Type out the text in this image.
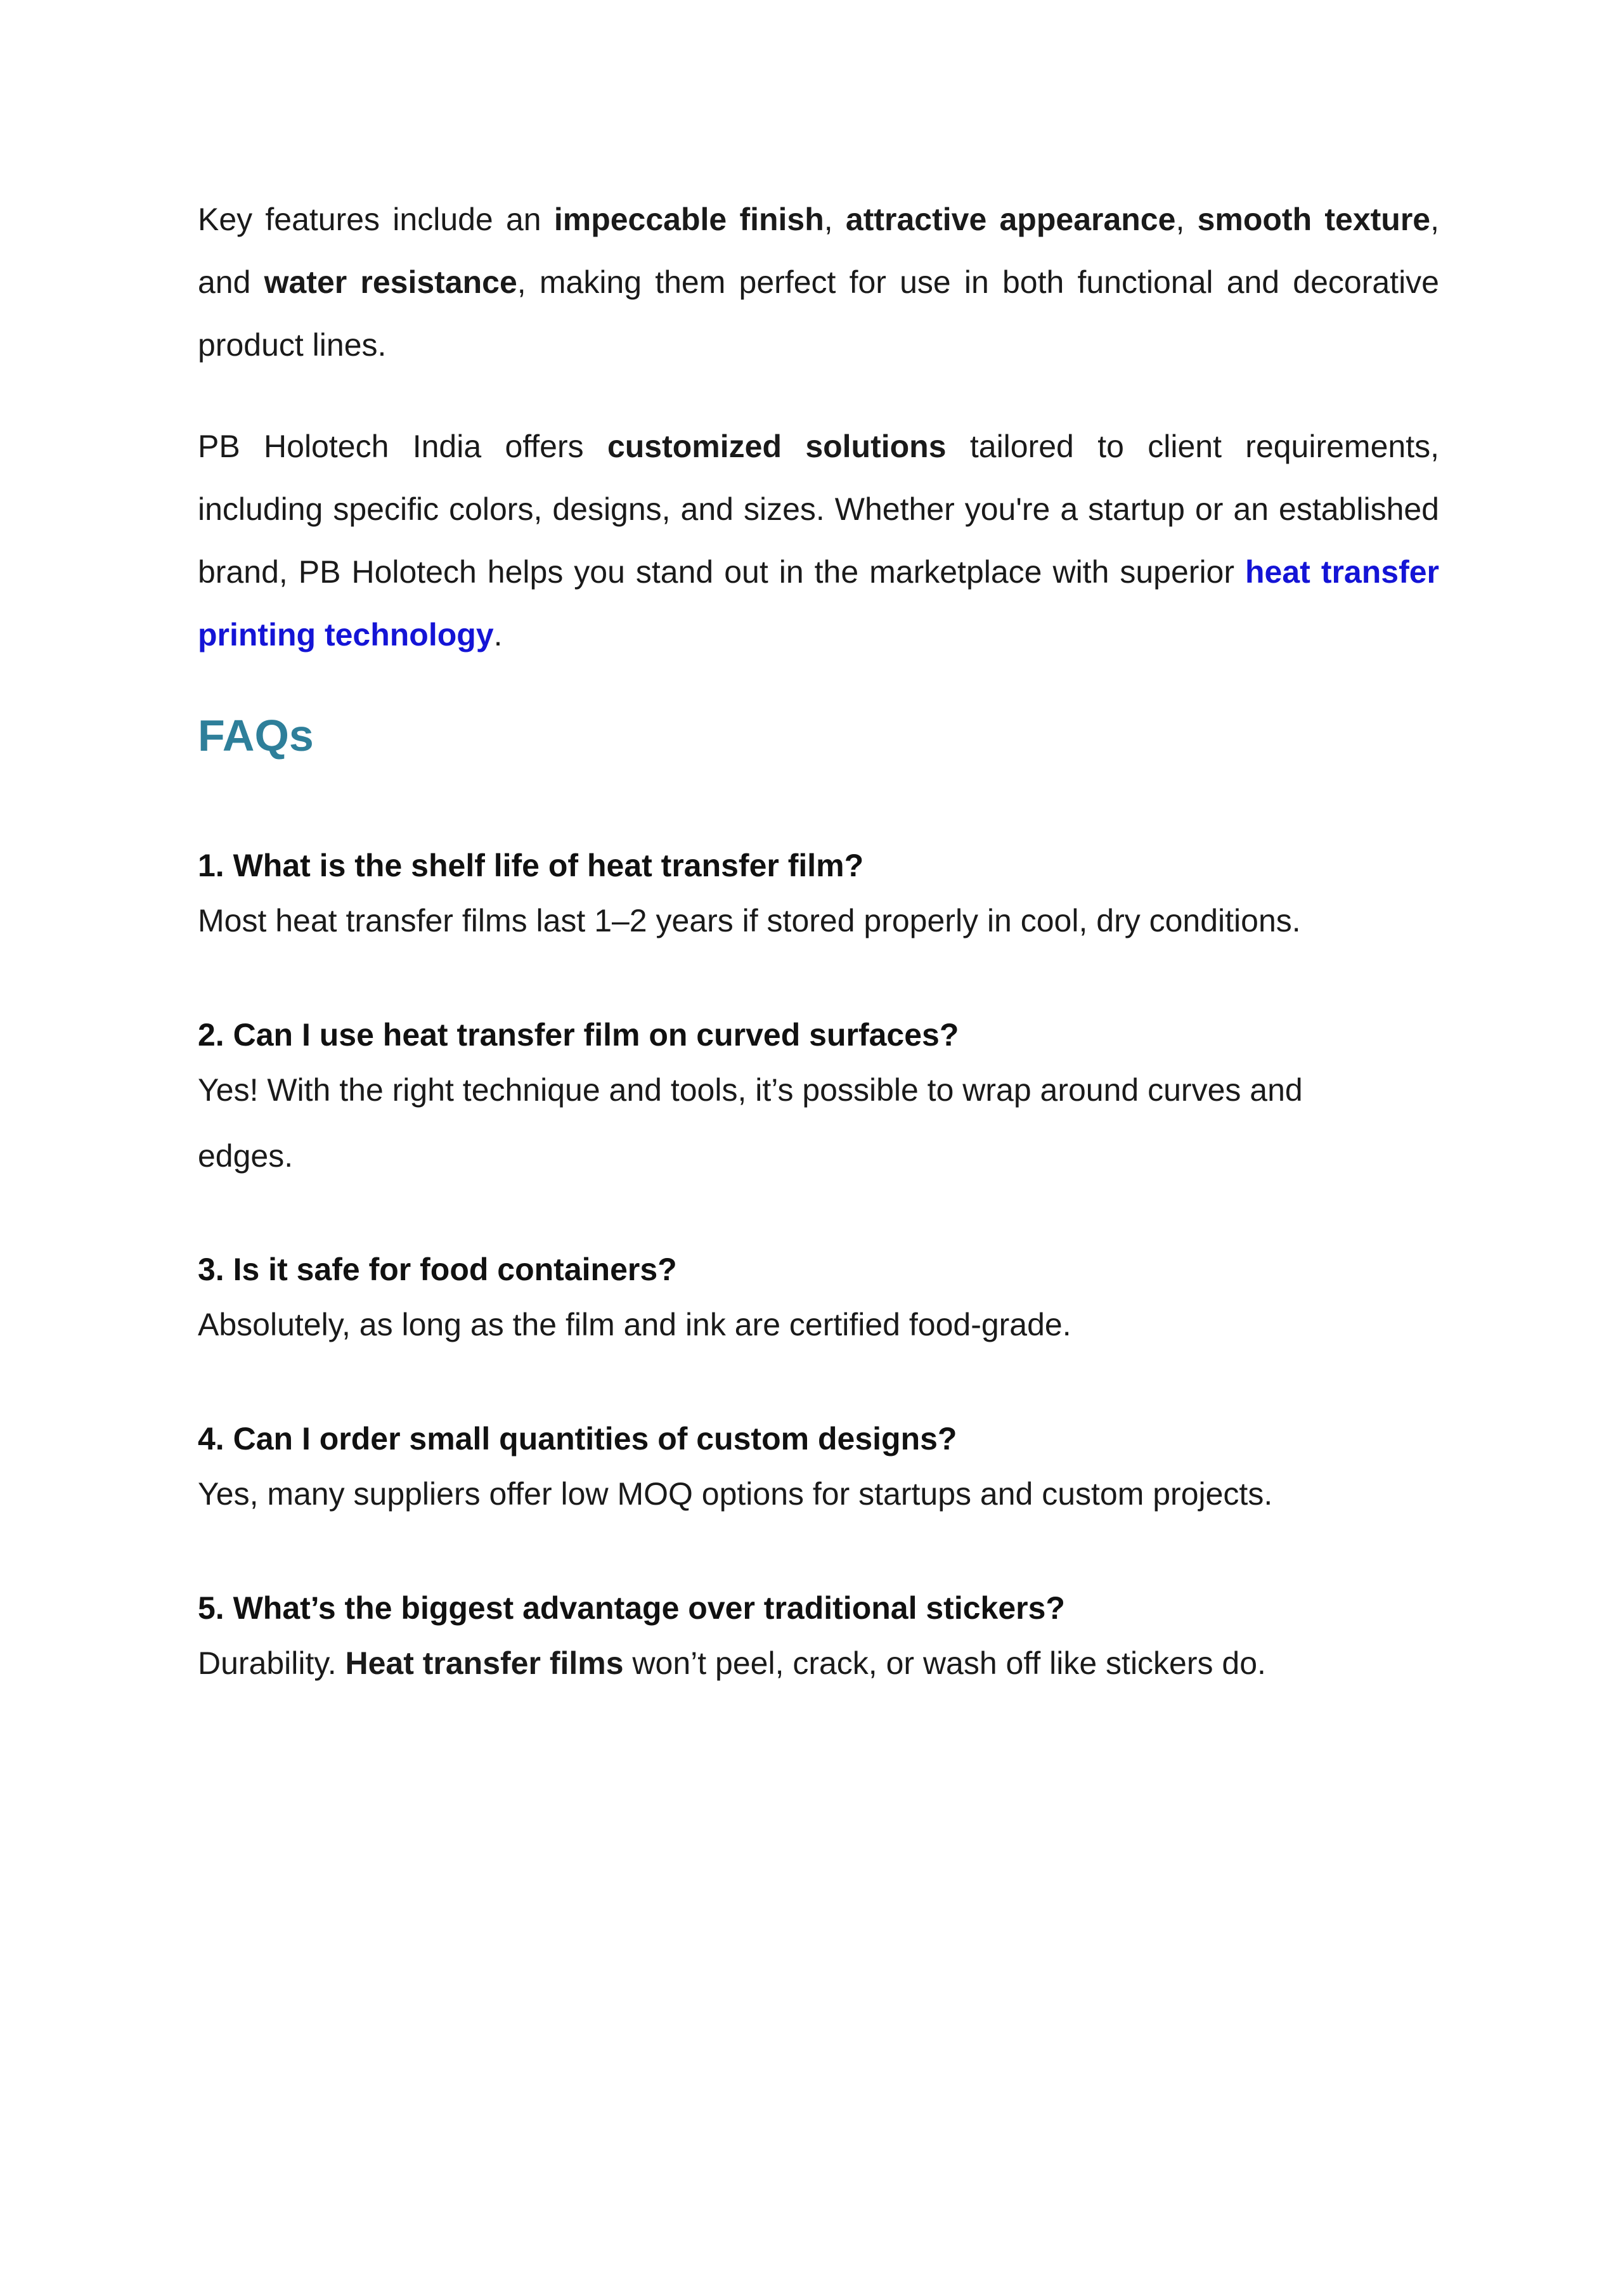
Key features include an impeccable finish, attractive appearance, smooth texture, and water resistance, making them perfect for use in both functional and decorative product lines.

PB Holotech India offers customized solutions tailored to client requirements, including specific colors, designs, and sizes. Whether you're a startup or an established brand, PB Holotech helps you stand out in the marketplace with superior heat transfer printing technology.

FAQs

1. What is the shelf life of heat transfer film?

Most heat transfer films last 1–2 years if stored properly in cool, dry conditions.

2. Can I use heat transfer film on curved surfaces?

Yes! With the right technique and tools, it’s possible to wrap around curves and edges.

3. Is it safe for food containers?

Absolutely, as long as the film and ink are certified food-grade.

4. Can I order small quantities of custom designs?

Yes, many suppliers offer low MOQ options for startups and custom projects.

5. What’s the biggest advantage over traditional stickers?

Durability. Heat transfer films won’t peel, crack, or wash off like stickers do.
